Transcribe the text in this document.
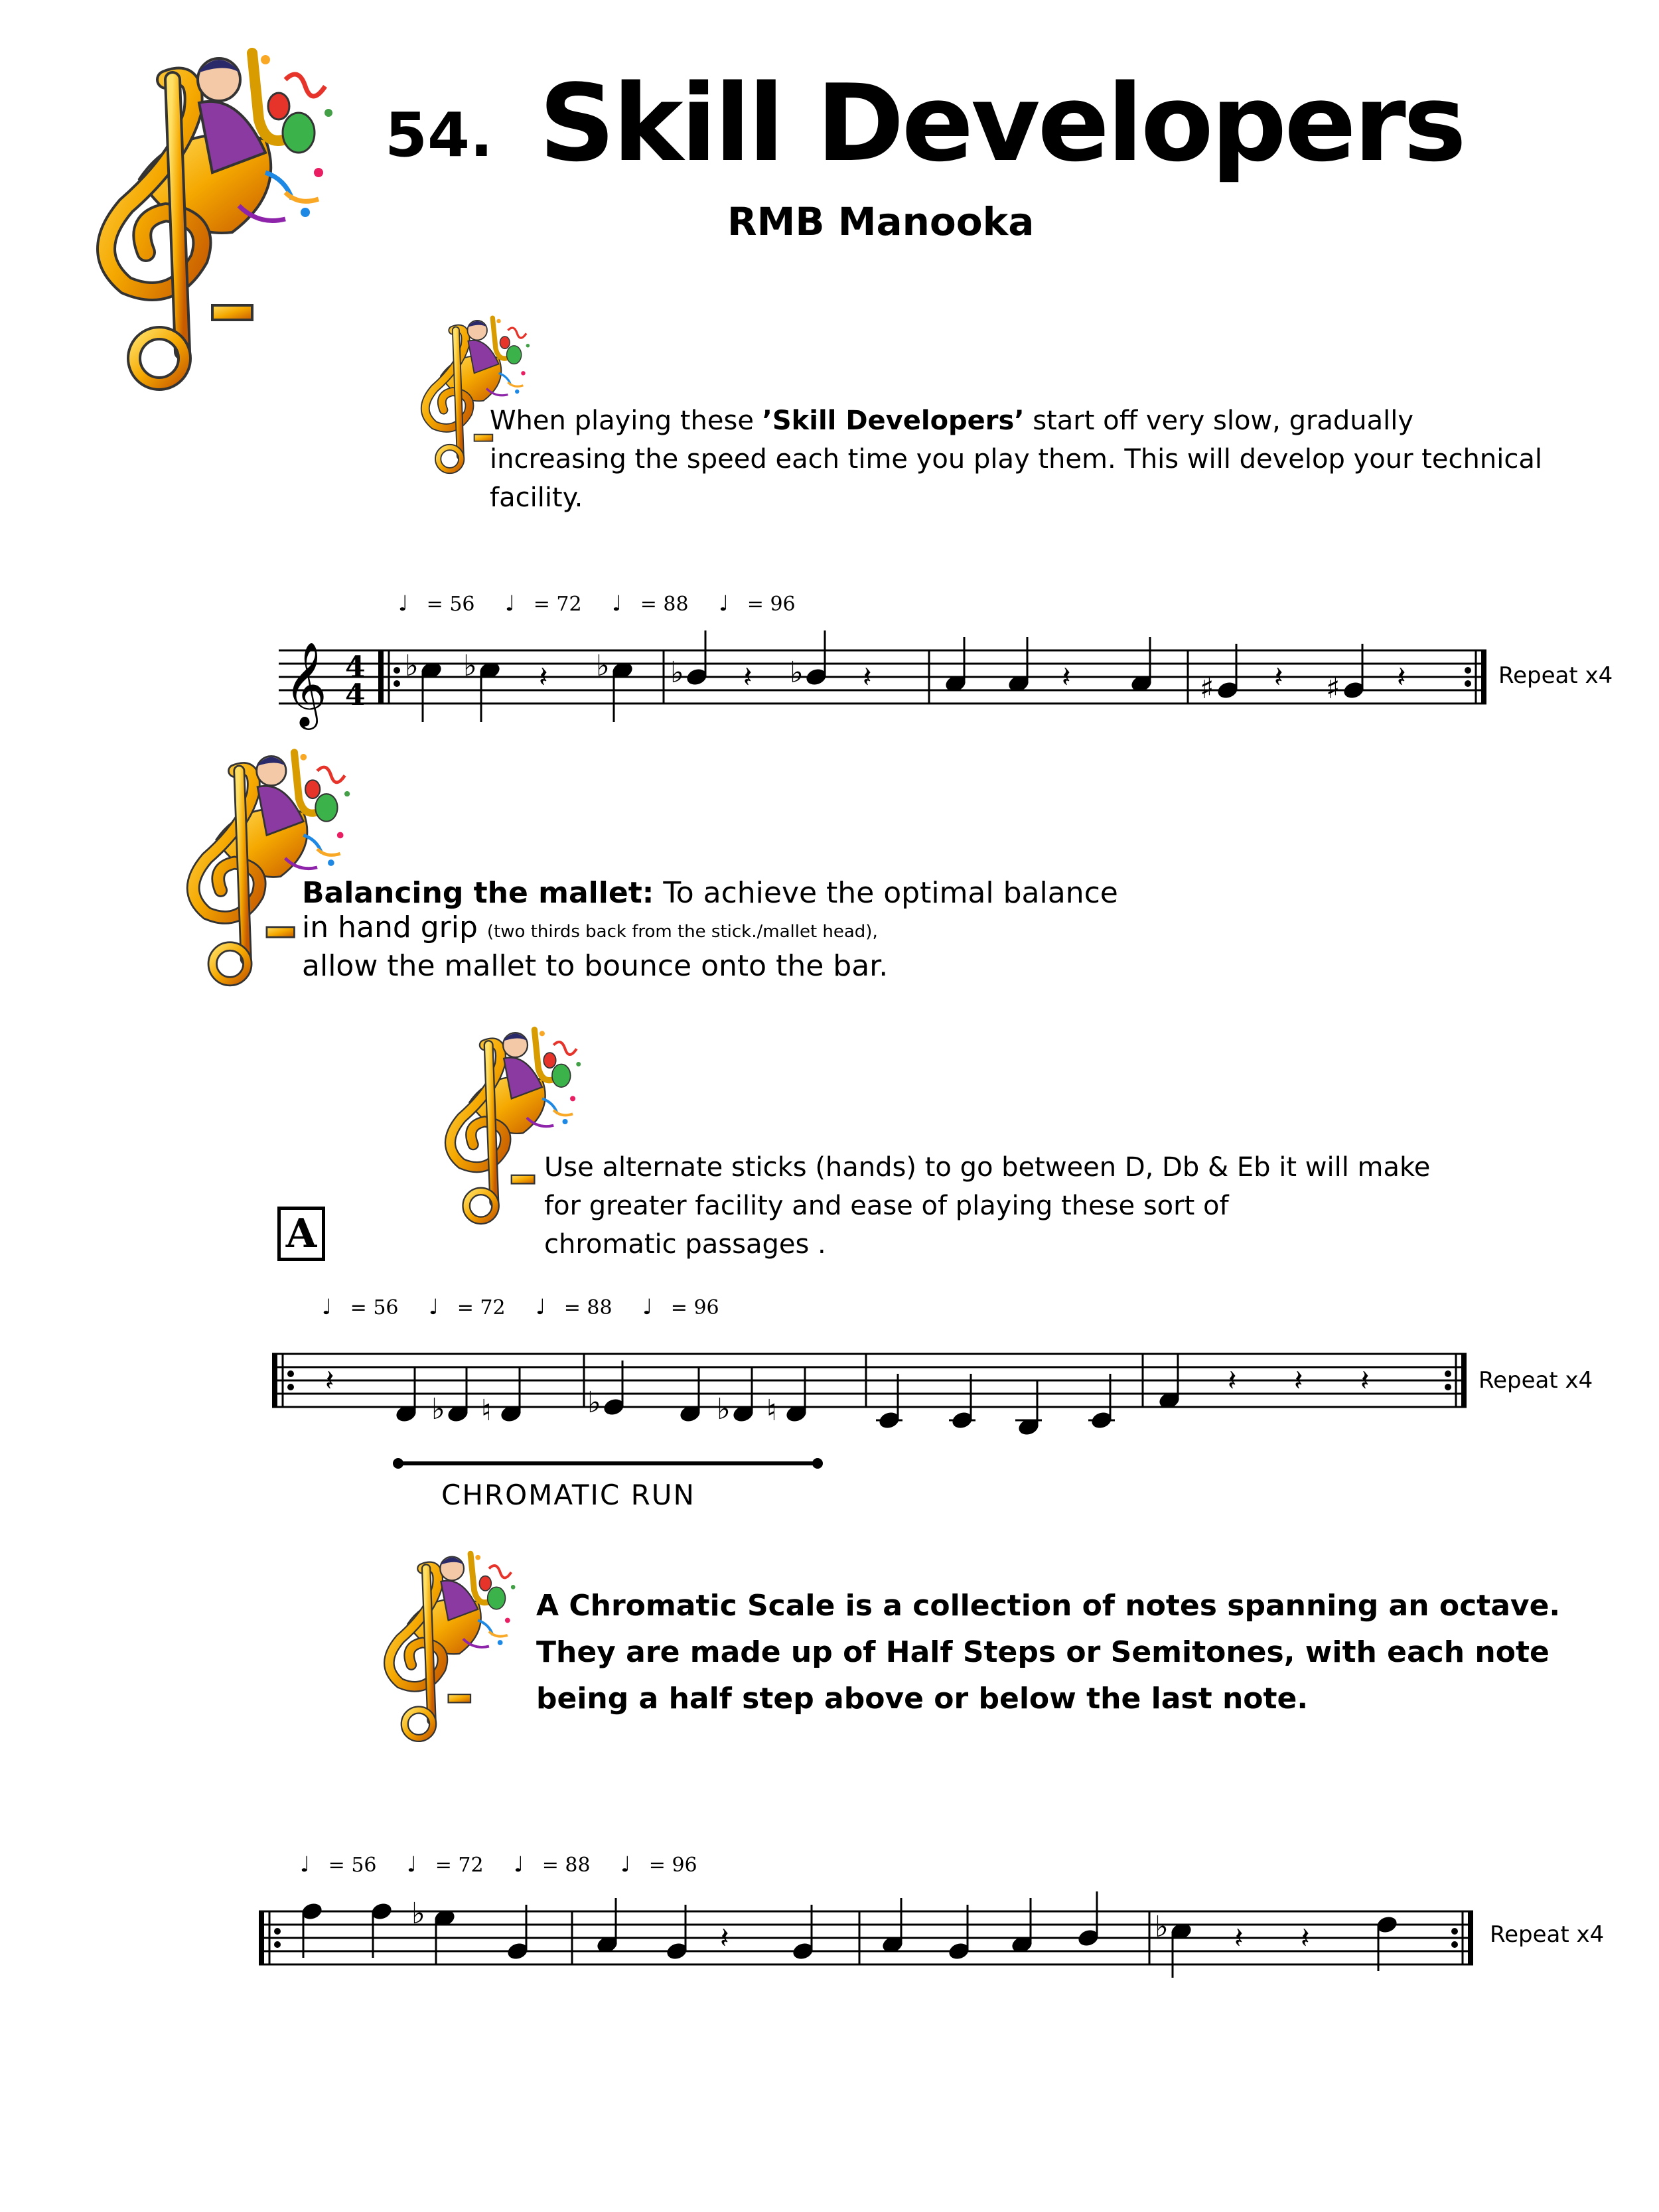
54. Skill Developers
RMB Manooka
When playing these ’Skill Developers’ start off very slow, gradually
increasing the speed each time you play them. This will develop your technical facility.
♩ = 56 ♩ = 72 ♩ = 88 ♩ = 96
𝄞 4
4
♭ ♭ 𝄽 ♭ ♭ 𝄽 ♭ 𝄽	𝄽	♯ 𝄽 ♯ 𝄽	Repeat x4
Balancing the mallet: To achieve the optimal balance
in hand grip (two thirds back from the stick./mallet head),
allow the mallet to bounce onto the bar.
Use alternate sticks (hands) to go between D, Db & Eb it will make
for greater facility and ease of playing these sort of
chromatic passages .
A
♩ = 56 ♩ = 72 ♩ = 88 ♩ = 96
𝄽
♭ ♮	♭	♭ ♮
𝄽 𝄽 𝄽	Repeat x4
CHROMATIC RUN
A Chromatic Scale is a collection of notes spanning an octave.
They are made up of Half Steps or Semitones, with each note
being a half step above or below the last note.
♩ = 56 ♩ = 72 ♩ = 88 ♩ = 96
♭
𝄽	♭ 𝄽 𝄽	Repeat x4
